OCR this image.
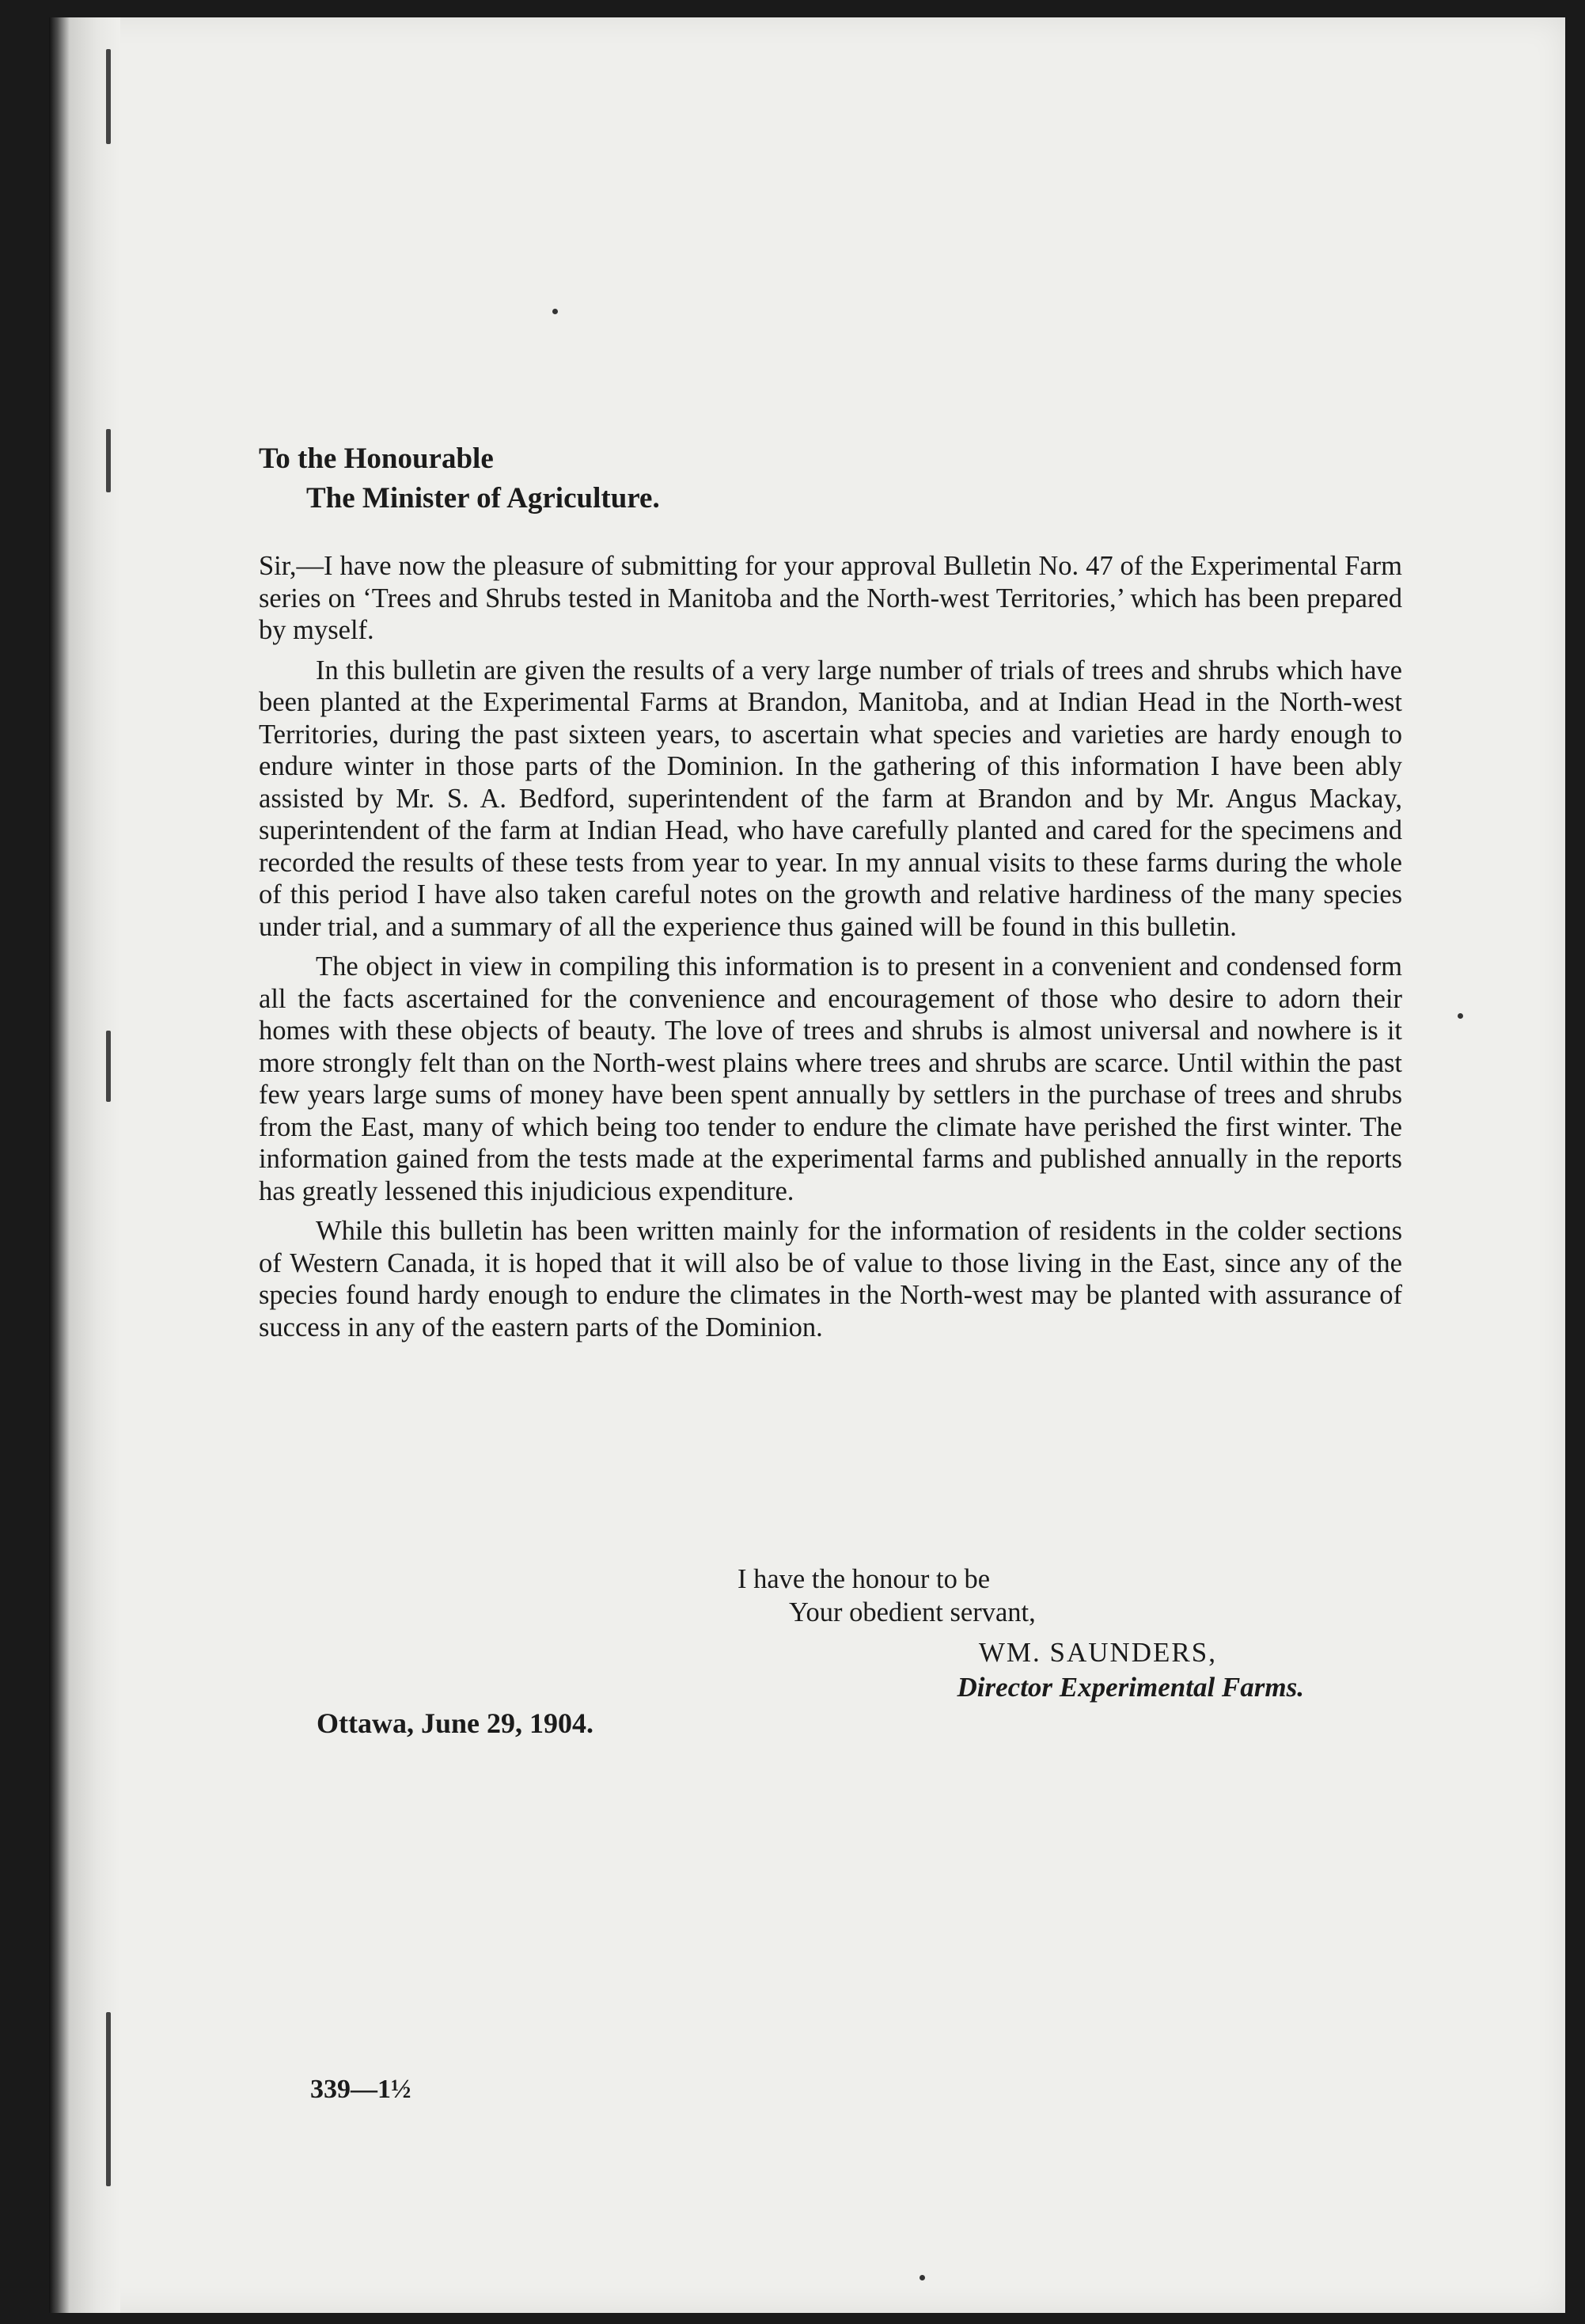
To the Honourable
The Minister of Agriculture.

Sir,—I have now the pleasure of submitting for your approval Bulletin No. 47 of the Experimental Farm series on ‘Trees and Shrubs tested in Manitoba and the North-west Territories,’ which has been prepared by myself.

In this bulletin are given the results of a very large number of trials of trees and shrubs which have been planted at the Experimental Farms at Brandon, Manitoba, and at Indian Head in the North-west Territories, during the past sixteen years, to ascertain what species and varieties are hardy enough to endure winter in those parts of the Dominion. In the gathering of this information I have been ably assisted by Mr. S. A. Bedford, superintendent of the farm at Brandon and by Mr. Angus Mackay, superintendent of the farm at Indian Head, who have carefully planted and cared for the specimens and recorded the results of these tests from year to year. In my annual visits to these farms during the whole of this period I have also taken careful notes on the growth and relative hardiness of the many species under trial, and a summary of all the experience thus gained will be found in this bulletin.

The object in view in compiling this information is to present in a convenient and condensed form all the facts ascertained for the convenience and encouragement of those who desire to adorn their homes with these objects of beauty. The love of trees and shrubs is almost universal and nowhere is it more strongly felt than on the North-west plains where trees and shrubs are scarce. Until within the past few years large sums of money have been spent annually by settlers in the purchase of trees and shrubs from the East, many of which being too tender to endure the climate have perished the first winter. The information gained from the tests made at the experimental farms and published annually in the reports has greatly lessened this injudicious expenditure.

While this bulletin has been written mainly for the information of residents in the colder sections of Western Canada, it is hoped that it will also be of value to those living in the East, since any of the species found hardy enough to endure the climates in the North-west may be planted with assurance of success in any of the eastern parts of the Dominion.

I have the honour to be
Your obedient servant,
WM. SAUNDERS,
Director Experimental Farms.
Ottawa, June 29, 1904.
339—1½
